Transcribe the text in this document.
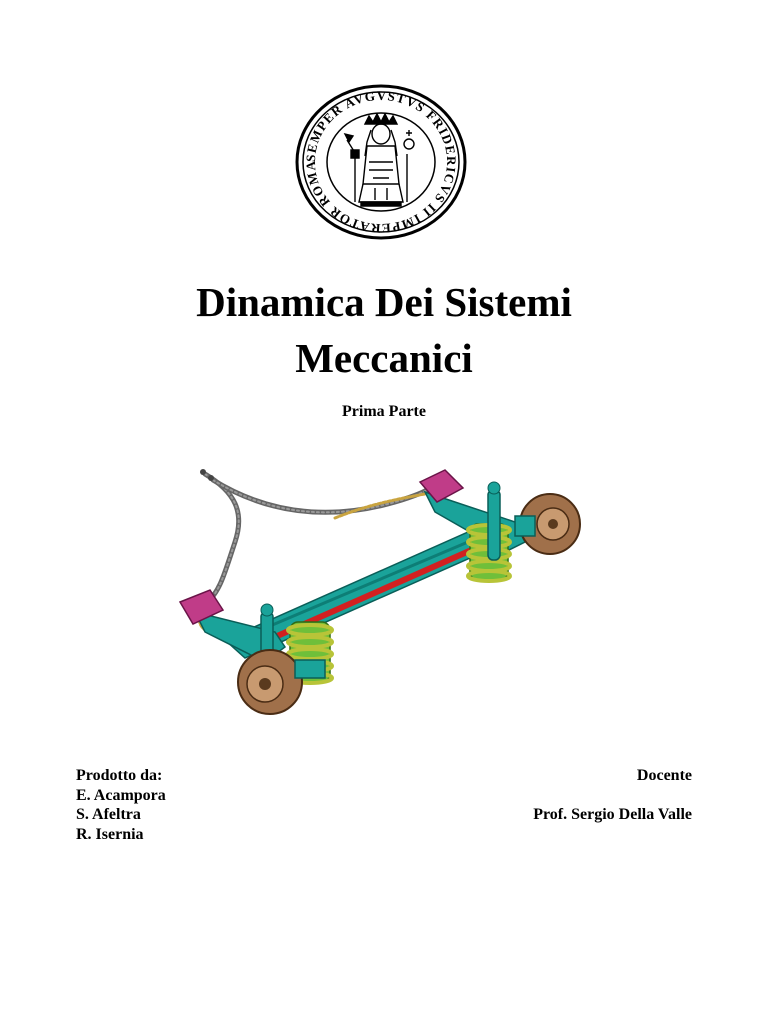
SEMPER AVGVSTVS FRIDERICVS II IMPERATOR ROMA
Dinamica Dei Sistemi
Meccanici
Prima Parte
Prodotto da:
E. Acampora
S. Afeltra
R. Isernia
Docente
Prof. Sergio Della Valle
